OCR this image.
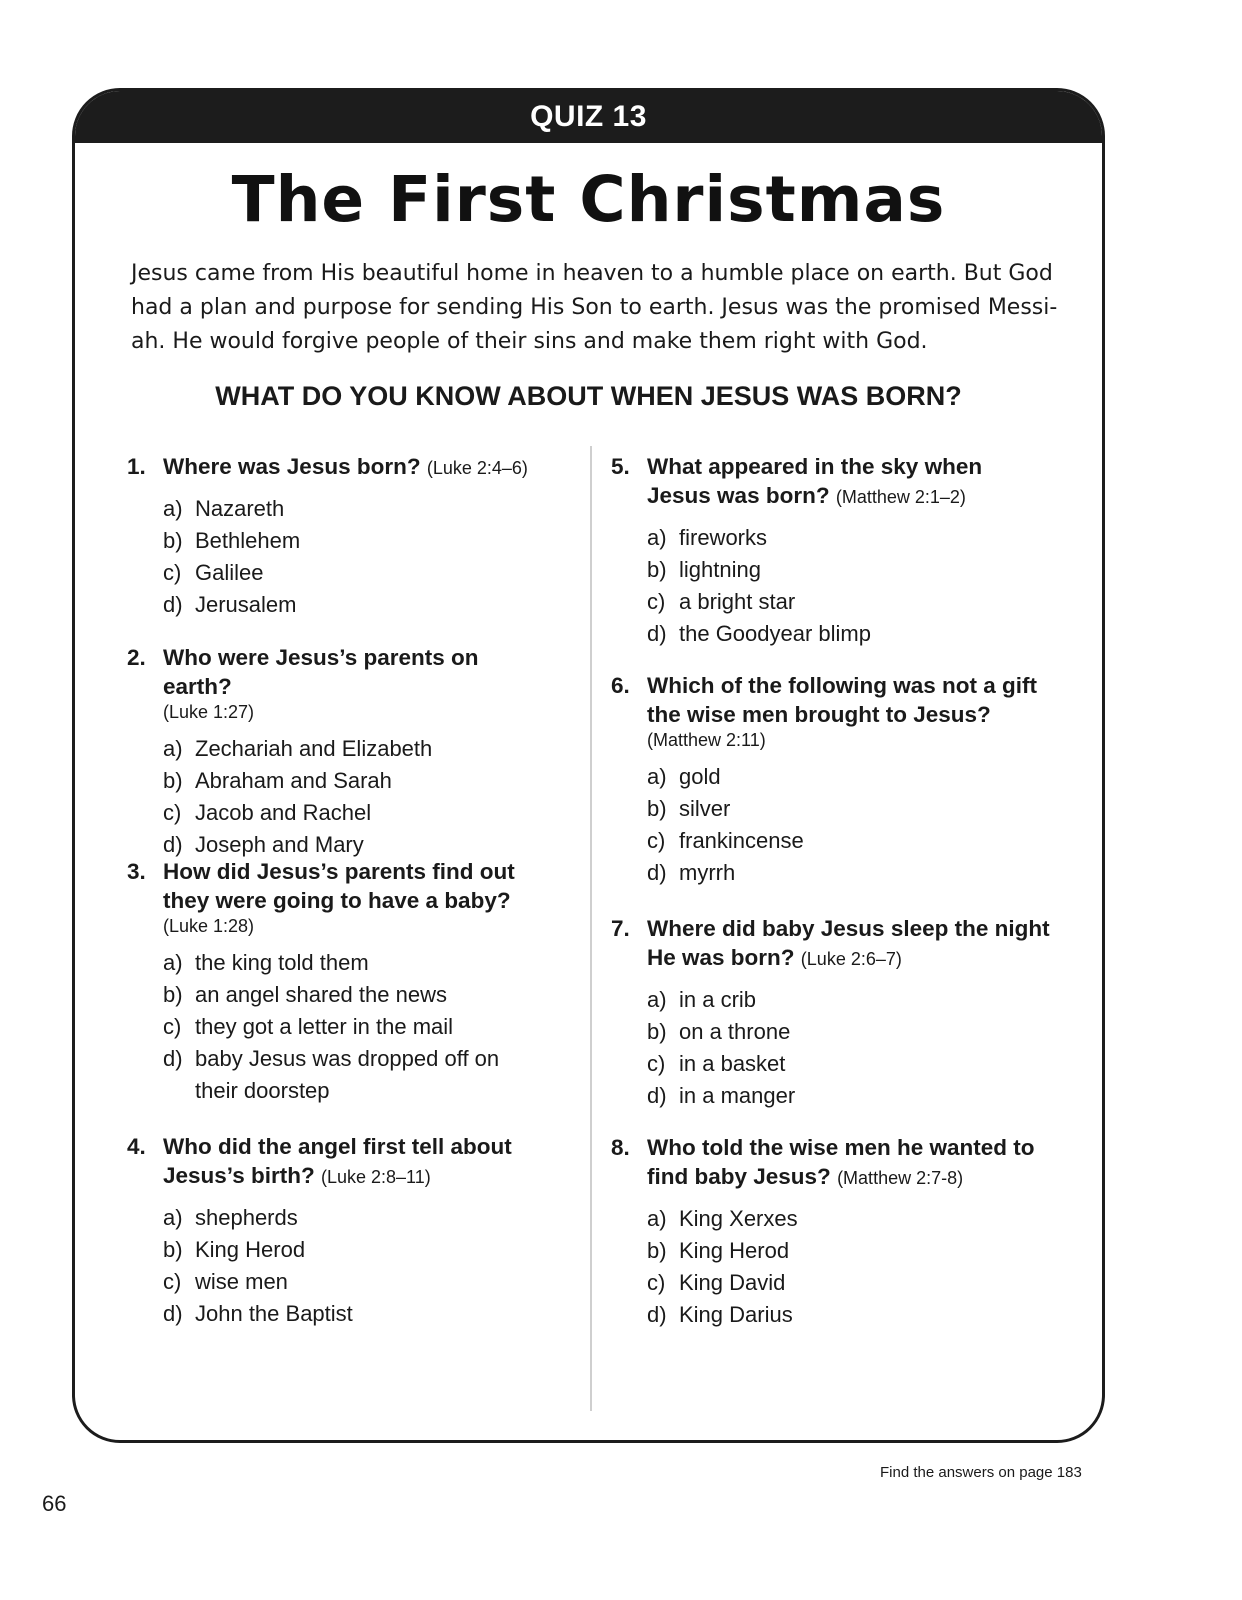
QUIZ 13
The First Christmas
Jesus came from His beautiful home in heaven to a humble place on earth. But God
had a plan and purpose for sending His Son to earth. Jesus was the promised Messi-
ah. He would forgive people of their sins and make them right with God.
WHAT DO YOU KNOW ABOUT WHEN JESUS WAS BORN?
1. Where was Jesus born? (Luke 2:4–6)
a) Nazareth
b) Bethlehem
c) Galilee
d) Jerusalem
2. Who were Jesus’s parents on earth?
(Luke 1:27)
a) Zechariah and Elizabeth
b) Abraham and Sarah
c) Jacob and Rachel
d) Joseph and Mary
3. How did Jesus’s parents find out they were going to have a baby?
(Luke 1:28)
a) the king told them
b) an angel shared the news
c) they got a letter in the mail
d) baby Jesus was dropped off on their doorstep
4. Who did the angel first tell about Jesus’s birth? (Luke 2:8–11)
a) shepherds
b) King Herod
c) wise men
d) John the Baptist
5. What appeared in the sky when Jesus was born? (Matthew 2:1–2)
a) fireworks
b) lightning
c) a bright star
d) the Goodyear blimp
6. Which of the following was not a gift the wise men brought to Jesus?
(Matthew 2:11)
a) gold
b) silver
c) frankincense
d) myrrh
7. Where did baby Jesus sleep the night He was born? (Luke 2:6–7)
a) in a crib
b) on a throne
c) in a basket
d) in a manger
8. Who told the wise men he wanted to find baby Jesus? (Matthew 2:7-8)
a) King Xerxes
b) King Herod
c) King David
d) King Darius
Find the answers on page 183
66
